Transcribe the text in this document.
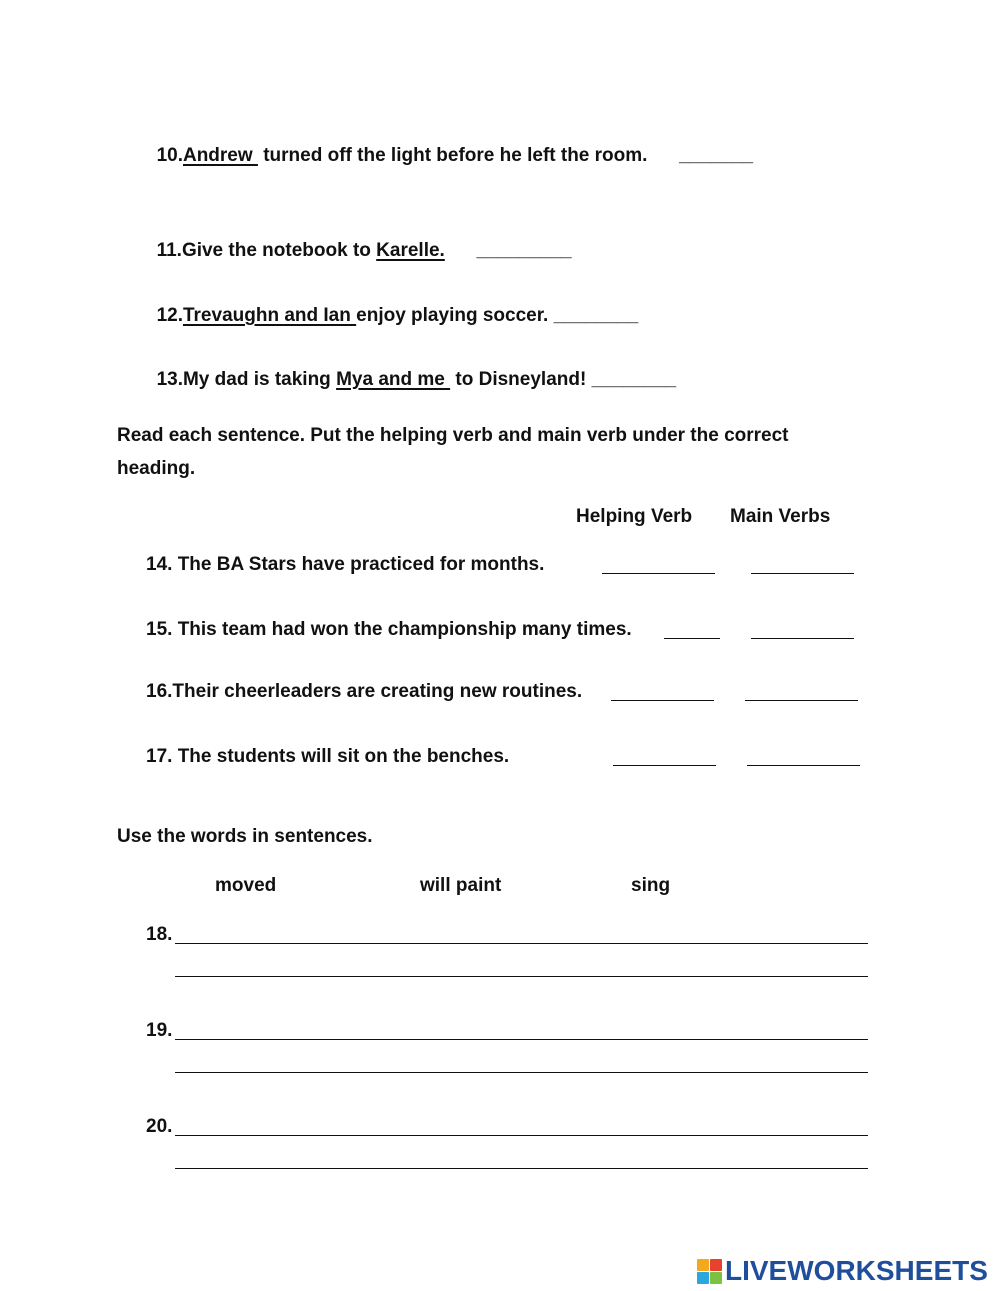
10.Andrew  turned off the light before he left the room.      _______

11.Give the notebook to Karelle. _________

12.Trevaughn and Ian enjoy playing soccer. ________

13.My dad is taking Mya and me  to Disneyland! ________

Read each sentence. Put the helping verb and main verb under the correct
heading.
Helping Verb Main Verbs
14. The BA Stars have practiced for months.
15. This team had won the championship many times.
16.Their cheerleaders are creating new routines.
17. The students will sit on the benches.
Use the words in sentences.
moved	will paint	sing
18.
19.
20.
LIVEWORKSHEETS
